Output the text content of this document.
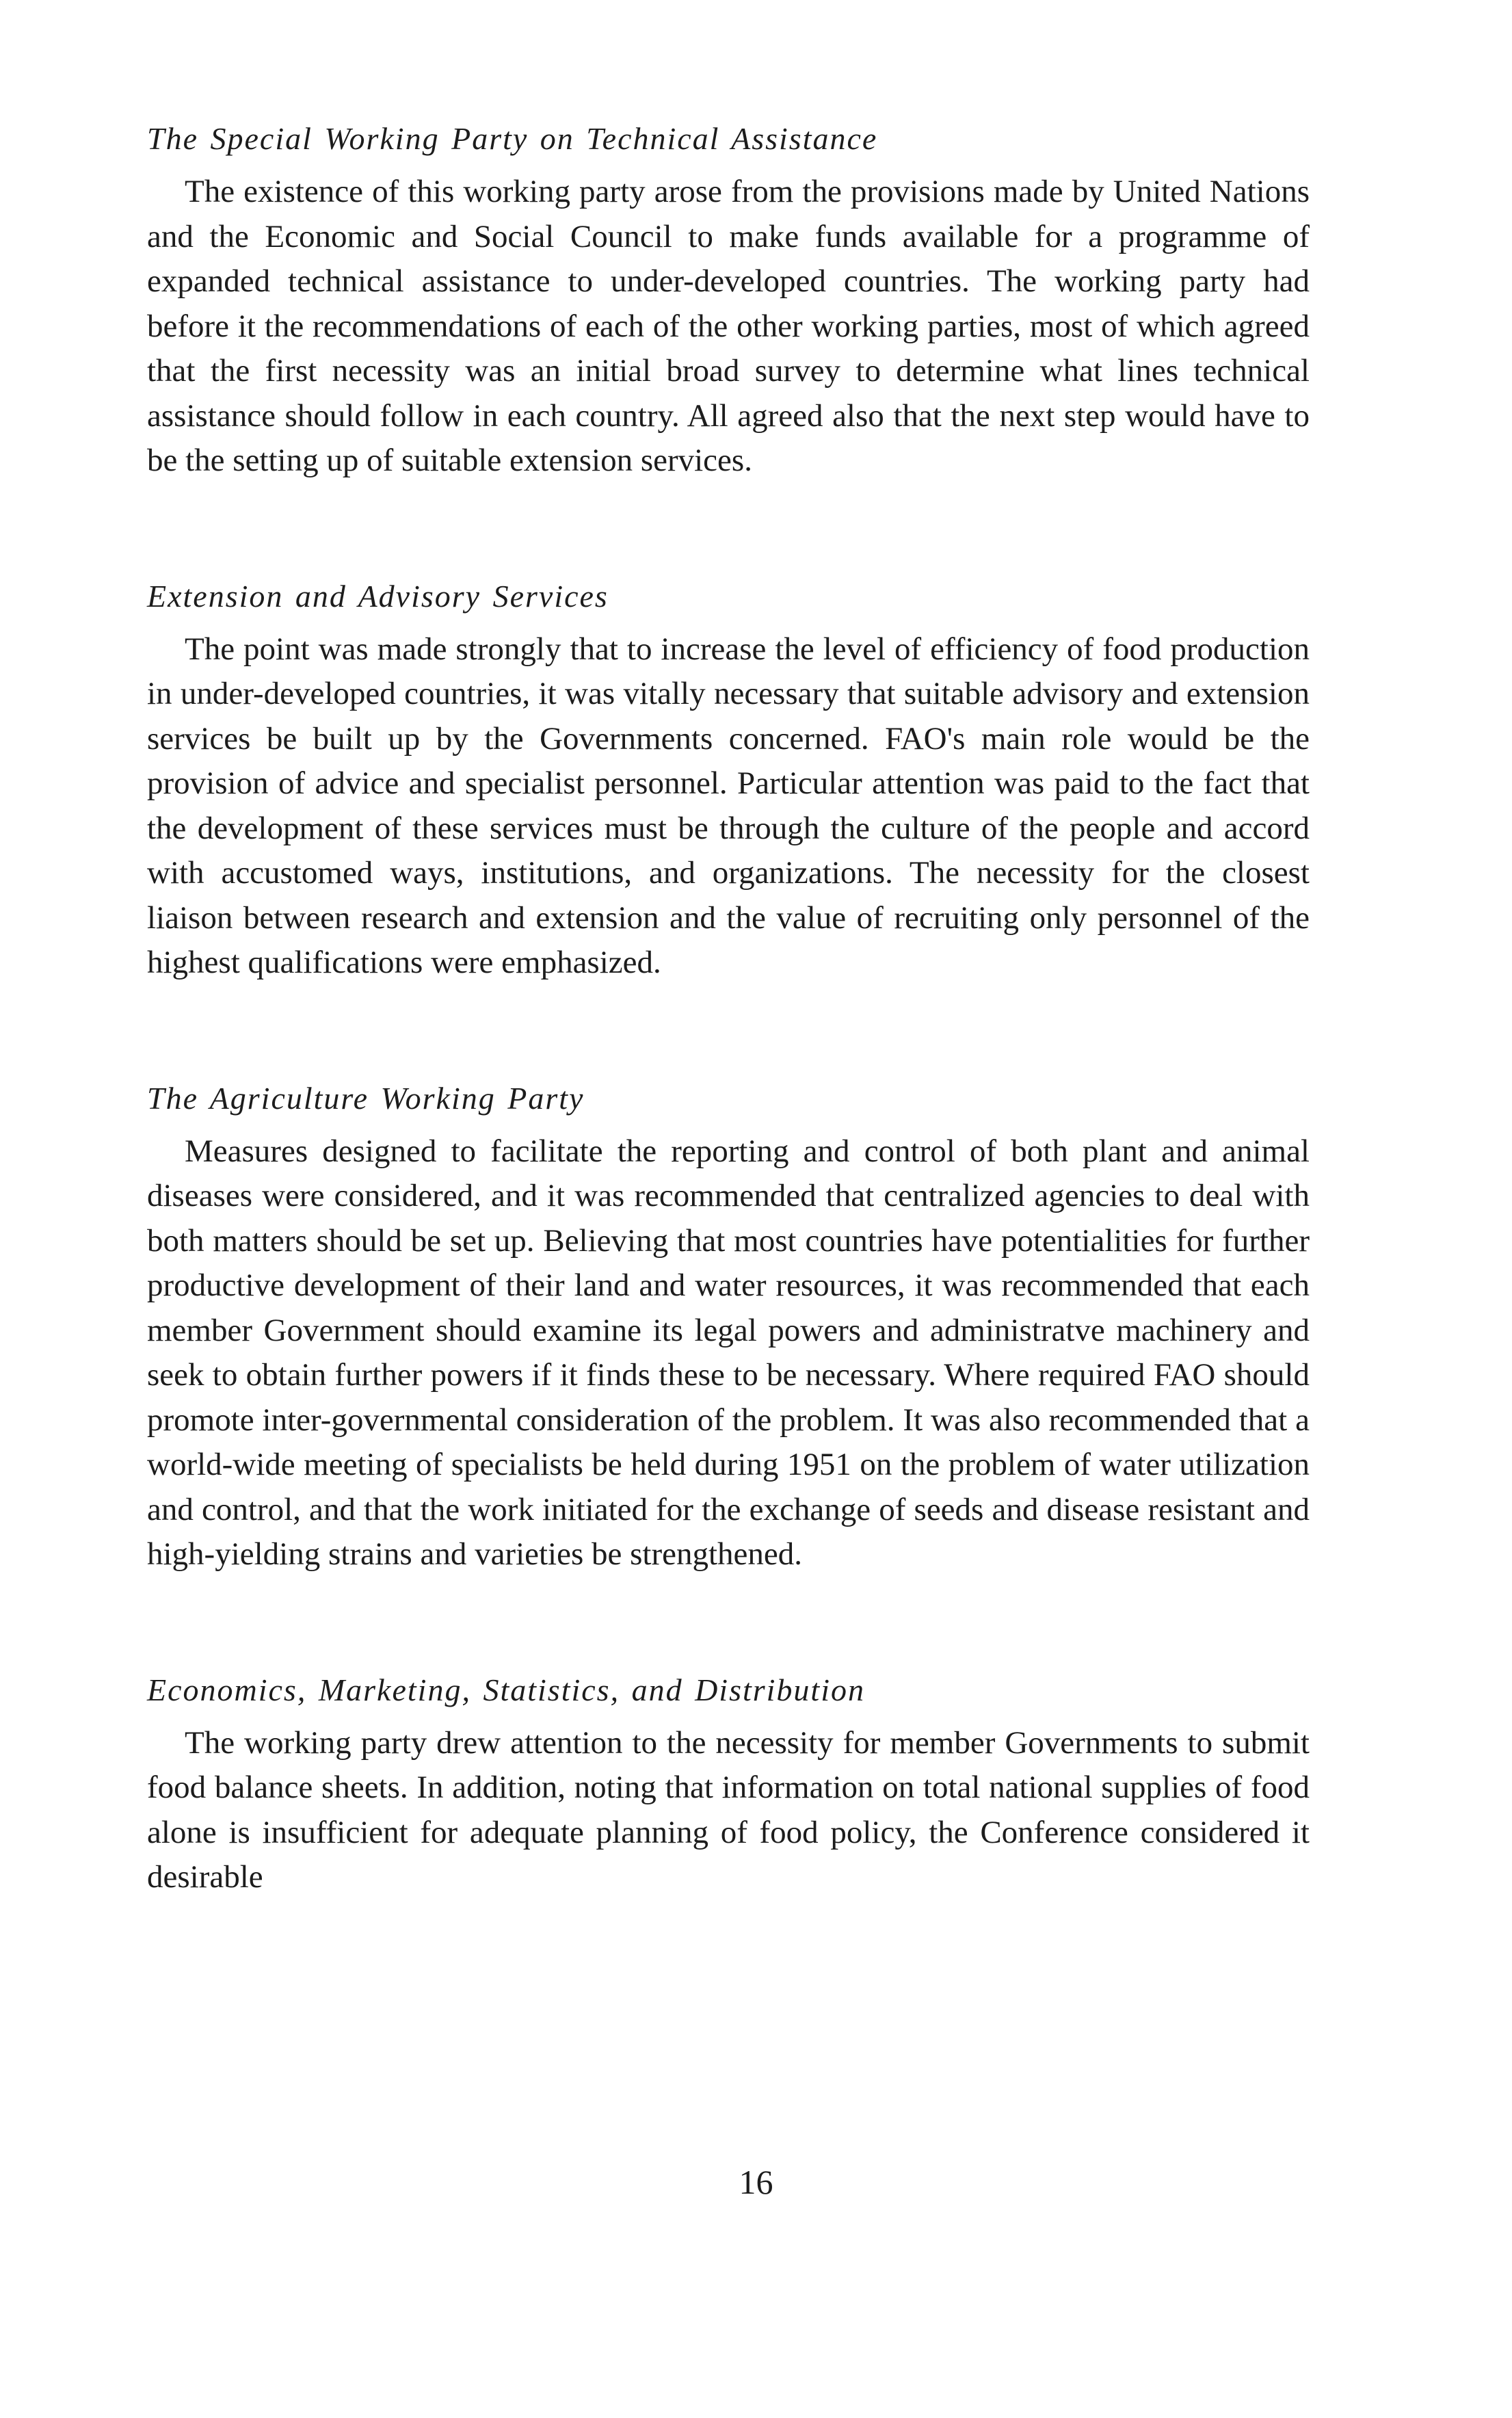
The Special Working Party on Technical Assistance

The existence of this working party arose from the provisions made by United Nations and the Economic and Social Council to make funds available for a programme of expanded technical assistance to under-developed countries. The working party had before it the recommendations of each of the other working parties, most of which agreed that the first necessity was an initial broad survey to determine what lines technical assistance should follow in each country. All agreed also that the next step would have to be the setting up of suitable extension services.

Extension and Advisory Services

The point was made strongly that to increase the level of efficiency of food production in under-developed countries, it was vitally necessary that suitable advisory and extension services be built up by the Governments concerned. FAO's main role would be the provision of advice and specialist personnel. Particular attention was paid to the fact that the development of these services must be through the culture of the people and accord with accustomed ways, institutions, and organizations. The necessity for the closest liaison between research and extension and the value of recruiting only personnel of the highest qualifications were emphasized.

The Agriculture Working Party

Measures designed to facilitate the reporting and control of both plant and animal diseases were considered, and it was recommended that centralized agencies to deal with both matters should be set up. Believing that most countries have potentialities for further productive development of their land and water resources, it was recommended that each member Government should examine its legal powers and administratve machinery and seek to obtain further powers if it finds these to be necessary. Where required FAO should promote inter-governmental consideration of the problem. It was also recommended that a world-wide meeting of specialists be held during 1951 on the problem of water utilization and control, and that the work initiated for the exchange of seeds and disease resistant and high-yielding strains and varieties be strengthened.

Economics, Marketing, Statistics, and Distribution

The working party drew attention to the necessity for member Governments to submit food balance sheets. In addition, noting that information on total national supplies of food alone is insufficient for adequate planning of food policy, the Conference considered it desirable

16
